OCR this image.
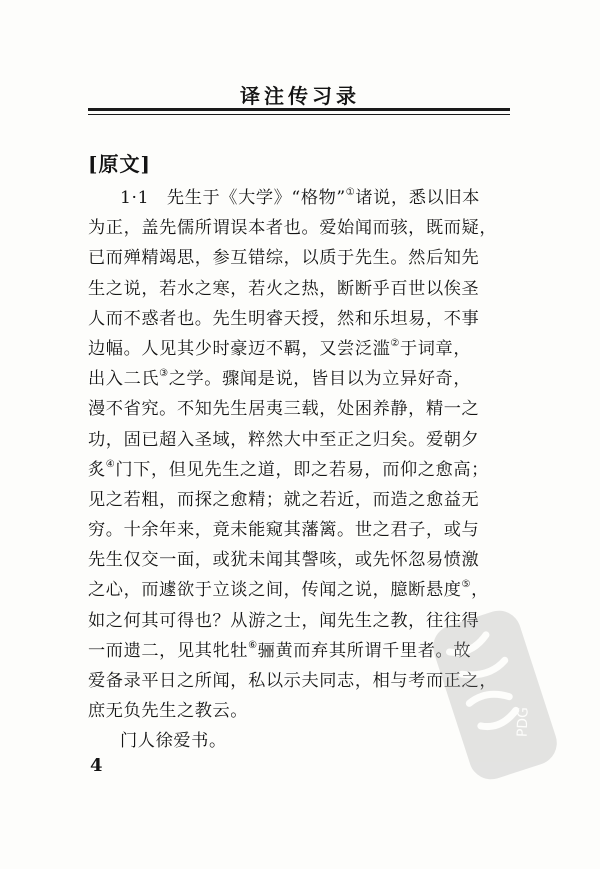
译注传习录
[原文]
1·1　先生于《大学》“格物”①诸说，悉以旧本
为正，盖先儒所谓误本者也。爱始闻而骇，既而疑，
已而殚精竭思，参互错综，以质于先生。然后知先
生之说，若水之寒，若火之热，断断乎百世以俟圣
人而不惑者也。先生明睿天授，然和乐坦易，不事
边幅。人见其少时豪迈不羁，又尝泛滥②于词章，
出入二氏③之学。骤闻是说，皆目以为立异好奇，
漫不省究。不知先生居夷三载，处困养静，精一之
功，固已超入圣域，粹然大中至正之归矣。爱朝夕
炙④门下，但见先生之道，即之若易，而仰之愈高；
见之若粗，而探之愈精；就之若近，而造之愈益无
穷。十余年来，竟未能窥其藩篱。世之君子，或与
先生仅交一面，或犹未闻其謦咳，或先怀忽易愤激
之心，而遽欲于立谈之间，传闻之说，臆断悬度⑤，
如之何其可得也？从游之士，闻先生之教，往往得
一而遗二，见其牝牡⑥骊黄而弃其所谓千里者。故
爱备录平日之所闻，私以示夫同志，相与考而正之，
庶无负先生之教云。
门人徐爱书。
4
PDG
